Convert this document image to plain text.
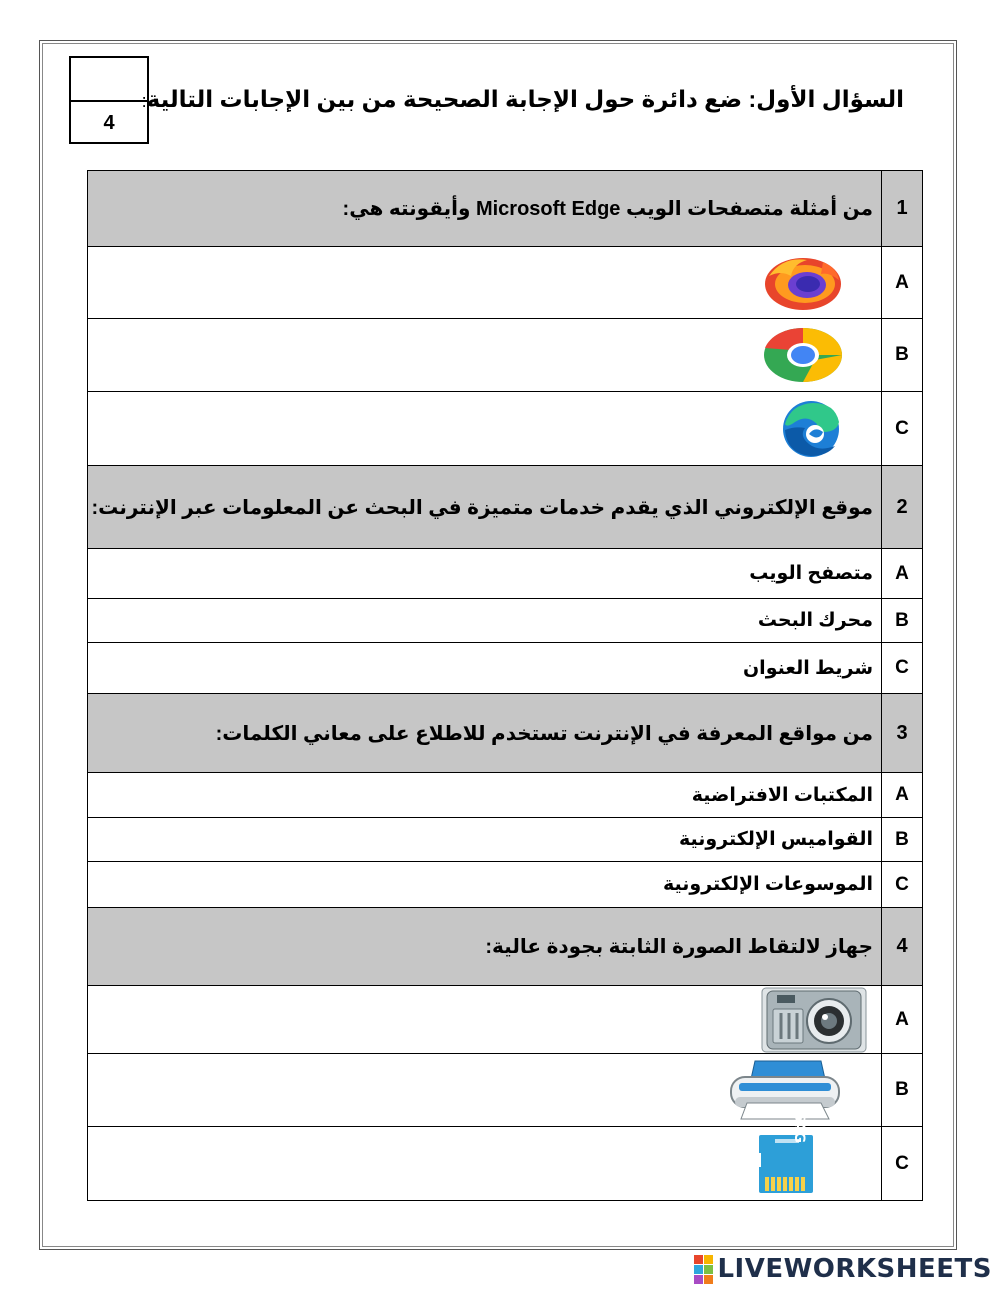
4
السؤال الأول: ضع دائرة حول الإجابة الصحيحة من بين الإجابات التالية:
1	من أمثلة متصفحات الويب Microsoft Edge وأيقونته هي:
A	
B	
C	
2	موقع الإلكتروني الذي يقدم خدمات متميزة في البحث عن المعلومات عبر الإنترنت:
A	متصفح الويب
B	محرك البحث
C	شريط العنوان
3	من مواقع المعرفة في الإنترنت تستخدم للاطلاع على معاني الكلمات:
A	المكتبات الافتراضية
B	القواميس الإلكترونية
C	الموسوعات الإلكترونية
4	جهاز لالتقاط الصورة الثابتة بجودة عالية:
A	
B	
C	64G
LIVEWORKSHEETS
